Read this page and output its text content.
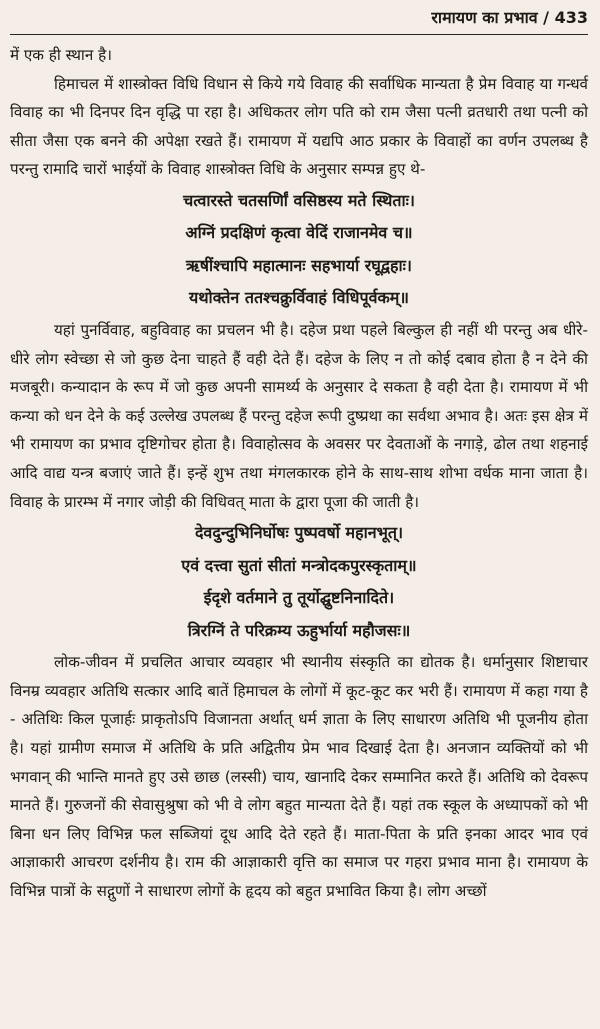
रामायण का प्रभाव / 433

में एक ही स्थान है।

हिमाचल में शास्त्रोक्त विधि विधान से किये गये विवाह की सर्वाधिक मान्यता है प्रेम विवाह या गन्धर्व विवाह का भी दिनपर दिन वृद्धि पा रहा है। अधिकतर लोग पति को राम जैसा पत्नी व्रतधारी तथा पत्नी को सीता जैसा एक बनने की अपेक्षा रखते हैं। रामायण में यद्यपि आठ प्रकार के विवाहों का वर्णन उपलब्ध है परन्तु रामादि चारों भाईयों के विवाह शास्त्रोक्त विधि के अनुसार सम्पन्न हुए थे-

चत्वारस्ते चतसर्णिां वसिष्ठस्य मते स्थिताः।

अग्निं प्रदक्षिणं कृत्वा वेदिं राजानमेव च॥

ऋषींश्चापि महात्मानः सहभार्या रघूद्वहाः।

यथोक्तेन ततश्चक्रुर्विवाहं विधिपूर्वकम्॥

यहां पुनर्विवाह, बहुविवाह का प्रचलन भी है। दहेज प्रथा पहले बिल्कुल ही नहीं थी परन्तु अब धीरे-धीरे लोग स्वेच्छा से जो कुछ देना चाहते हैं वही देते हैं। दहेज के लिए न तो कोई दबाव होता है न देने की मजबूरी। कन्यादान के रूप में जो कुछ अपनी सामर्थ्य के अनुसार दे सकता है वही देता है। रामायण में भी कन्या को धन देने के कई उल्लेख उपलब्ध हैं परन्तु दहेज रूपी दुष्प्रथा का सर्वथा अभाव है। अतः इस क्षेत्र में भी रामायण का प्रभाव दृष्टिगोचर होता है। विवाहोत्सव के अवसर पर देवताओं के नगाड़े, ढोल तथा शहनाई आदि वाद्य यन्त्र बजाएं जाते हैं। इन्हें शुभ तथा मंगलकारक होने के साथ-साथ शोभा वर्धक माना जाता है। विवाह के प्रारम्भ में नगार जोड़ी की विधिवत् माता के द्वारा पूजा की जाती है।

देवदुन्दुभिनिर्घोषः पुष्पवर्षो महानभूत्।

एवं दत्त्वा सुतां सीतां मन्त्रोदकपुरस्कृताम्॥

ईदृशे वर्तमाने तु तूर्योद्घुष्टनिनादिते।

त्रिरग्निं ते परिक्रम्य ऊहुर्भार्या महौजसः॥

लोक-जीवन में प्रचलित आचार व्यवहार भी स्थानीय संस्कृति का द्योतक है। धर्मानुसार शिष्टाचार विनम्र व्यवहार अतिथि सत्कार आदि बातें हिमाचल के लोगों में कूट-कूट कर भरी हैं। रामायण में कहा गया है - अतिथिः किल पूजार्हः प्राकृतोऽपि विजानता अर्थात् धर्म ज्ञाता के लिए साधारण अतिथि भी पूजनीय होता है। यहां ग्रामीण समाज में अतिथि के प्रति अद्वितीय प्रेम भाव दिखाई देता है। अनजान व्यक्तियों को भी भगवान् की भान्ति मानते हुए उसे छाछ (लस्सी) चाय, खानादि देकर सम्मानित करते हैं। अतिथि को देवरूप मानते हैं। गुरुजनों की सेवासुश्रुषा को भी वे लोग बहुत मान्यता देते हैं। यहां तक स्कूल के अध्यापकों को भी बिना धन लिए विभिन्न फल सब्जियां दूध आदि देते रहते हैं। माता-पिता के प्रति इनका आदर भाव एवं आज्ञाकारी आचरण दर्शनीय है। राम की आज्ञाकारी वृत्ति का समाज पर गहरा प्रभाव माना है। रामायण के विभिन्न पात्रों के सद्गुणों ने साधारण लोगों के हृदय को बहुत प्रभावित किया है। लोग अच्छों
